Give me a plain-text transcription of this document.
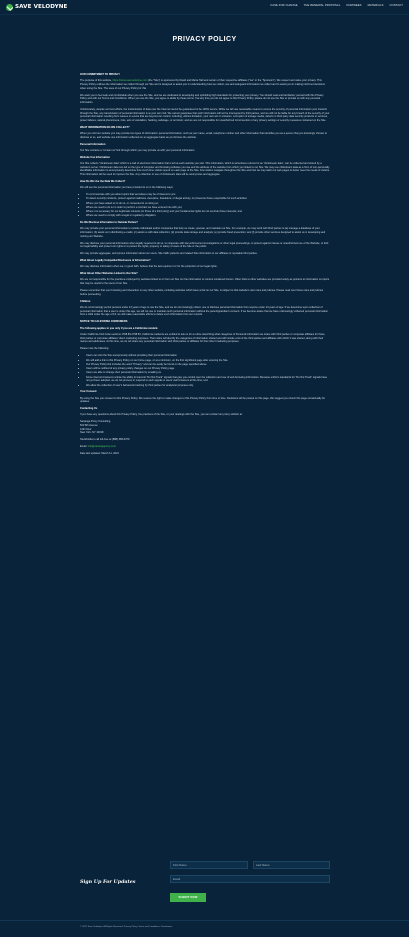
SAVE VELODYNE	CASE FOR CHANGE THE RENEWAL PROPOSAL NOMINEES MATERIALS CONTACT
PRIVACY POLICY

OUR COMMITMENT TO PRIVACY

The purpose of this website, https://www.savevelodyne.com (the "Site") is sponsored by David and Marta Hall and certain of their respective affiliates ("we" or the "Sponsors"). We respect and value your privacy. This Privacy Policy outlines the information we collect through our Site and is designed to assist you in understanding how we collect, use and safeguard information we collect and to assist you in making informed decisions when using the Site. The uses of our Privacy Policy for this

We want you to feel safe and comfortable when you use the Site, and we are dedicated to developing and upholding high standards for protecting your privacy. You should read and familiarize yourself with this Privacy Policy and with our Terms and Conditions. When you use the Site, you agree to abide by these terms. If at any time you do not agree to this Privacy Policy, please do not use the Site or provide us with any personal information.

Unfortunately, despite our best efforts, the transmission of data over the Internet cannot be guaranteed to be 100% secure. While we will use reasonable means to ensure the security of personal information your transmit through the Site, any transmission of personal information is at your own risk. We cannot guarantee that such information will not be intercepted by third parties, and we will not be liable for any breach of the security of your personal information resulting from causes or events that are beyond our control, including, without limitation, your own act or omission, corruption of storage media, defects in third party data security products or services, power failures, natural phenomena, riots, acts of vandalism, hacking, sabotage, or terrorism; and we are not responsible for unauthorized circumvention of any privacy settings or security measures contained on the Site.

WHAT INFORMATION DO WE COLLECT?

When you visit our website you may provide two types of information: personal information, such as your name, email, telephone number and other information that identifies you as a person that you knowingly choose to disclose to us, and website use information collected on an aggregate basis as you browse the website.

Personal Information

Our Site contains a "contact us" link through which you may provide us with your personal information.

Website Use Information

Our Site collects "clickstream data" which is a trail of electronic information that is left at each website you visit. This information, which is sometimes referred to as "clickstream data", can be collected and stored by a website's server. Clickstream data can tell us the type of computer and browsing software you use and the address of the website from which you linked to our Site. We may use clickstream data as a form of non-personally identifiable information to anonymously determine how much time visitors spend on each page of the Site, how visitors navigate throughout the Site and how we may tailor our web pages to better meet the needs of visitors. This information will be used to improve the Site. Any collection or use of clickstream data will be anonymous and aggregate.

How Do We Use the Data We Collect?

We will use the personal information you have provided to us in the following ways:

• To communicate with you about topics that we believe may be of interest to you
• To detect security incidents, protect against malicious, deceptive, fraudulent, or illegal activity, or prosecute those responsible for such activities
• Where you have asked us to do so, or consented to us doing so;
• Where we need to do so in order to perform a contract we have entered into with you;
• Where it is necessary for our legitimate interests (or those of a third party) and your fundamental rights do not override those interests; and
• Where we need to comply with a legal or regulatory obligation.

Do We Disclose Information to Outside Parties?

We may provide your personal information to outside individuals and/or companies that help us create, operate, and maintain our Site. For example, we may work with third parties to (a) manage a database of your information; (b) assist us in distributing e-mails; (c) assist us with data collection; (d) provide data storage and analysis; (e) provide fraud prevention; and (f) provide other services designed to assist us in developing and running our Website.

We may disclose your personal information when legally required to do so, to cooperate with law enforcement investigations or other legal proceedings, to protect against misuse or unauthorized use of the Website, to limit our legal liability and protect our rights or to protect the rights, property or safety of users of the Site or the public.

We may provide aggregate, anonymous information about our users. Site traffic patterns and related Site information to our affiliates or reputable third parties.

What About Legally Compelled Disclosure of Information?

We may disclose information when we, in good faith, believe that the law requires it or for the protection of our legal rights.

What About Other Websites Linked to Our Site?

We are not responsible for the practices employed by websites linked to or from our Site nor the information or content contained therein. Often links to other websites are provided solely as pointers to information on topics that may be useful to the users of our Site.

Please remember that your browsing and interaction on any other website, including websites which have a link on our Site, is subject to that website's own rules and policies. Please read over those rules and policies before proceeding.

Children

We do not knowingly permit persons under 13 years of age to use the Site, and we do not knowingly collect, use or disclose personal information from anyone under 13 years of age. If we determine upon collection of personal information that a user is under this age, we will not use or maintain such personal information without the parent/guardian's consent. If we become aware that we have unknowingly collected personal information from a child under the age of 13, we will make reasonable efforts to delete such information from our records.

NOTICE TO CALIFORNIA CONSUMERS

The following applies to you only if you are a California resident.

Under California Civil Code sections 1798.83-1798.84, California residents are entitled to ask us for a notice describing what categories of Personal Information we share with third parties or corporate affiliates for those third parties or corporate affiliates' direct marketing purposes. That notice will identify the categories of information shared and will include a list of the third parties and affiliates with which it was shared, along with their names and addresses. At this time, we do not share any personal information with third parties or affiliates for their direct marketing purposes.

Please note the following:

• Users can visit the Site anonymously without providing their personal information
• We will add a link to this Privacy Policy on our home page, or at a minimum, on the first significant page after entering the Site.
• Our Privacy Policy link includes the word "Privacy" and can be easily be found on the page specified above.
• Users will be notified of any privacy policy changes on our Privacy Policy page.
• Users are able to change their personal information by emailing us.
• Some internet browsers include the ability to transmit "Do Not Track" signals that give you control over the collection and use of web browsing information. Because uniform standards for "Do Not Track" signals have not yet been adopted, we do not process or respond to such signals in users' web browsers at this time; and
• We allow the collection of user's behavioral tracking by third parties for analytical purposes only.

Your Consent

By using the Site you consent to this Privacy Policy. We reserve the right to make changes to this Privacy Policy from time to time. Revisions will be posted on this page. We suggest you check this page occasionally for updates.

Contacting Us

If you have any questions about this Privacy Policy, the practices of the Site, or your dealings with the Site, you can contact our proxy solicitor at:

Saratoga Proxy Consulting

520 8th Avenue

14th Floor

New York, NY 10018

Stockholders call toll-free at (888) 368-0379

Email: info@saratogaproxy.com

Date last updated: March 11, 2022

First Name	Last Name
Email

Sign Up For Updates

SUBMIT NOW
© 2022 Save Velodyne. All Rights Reserved. Privacy Policy. Terms and Conditions. Disclaimers.
